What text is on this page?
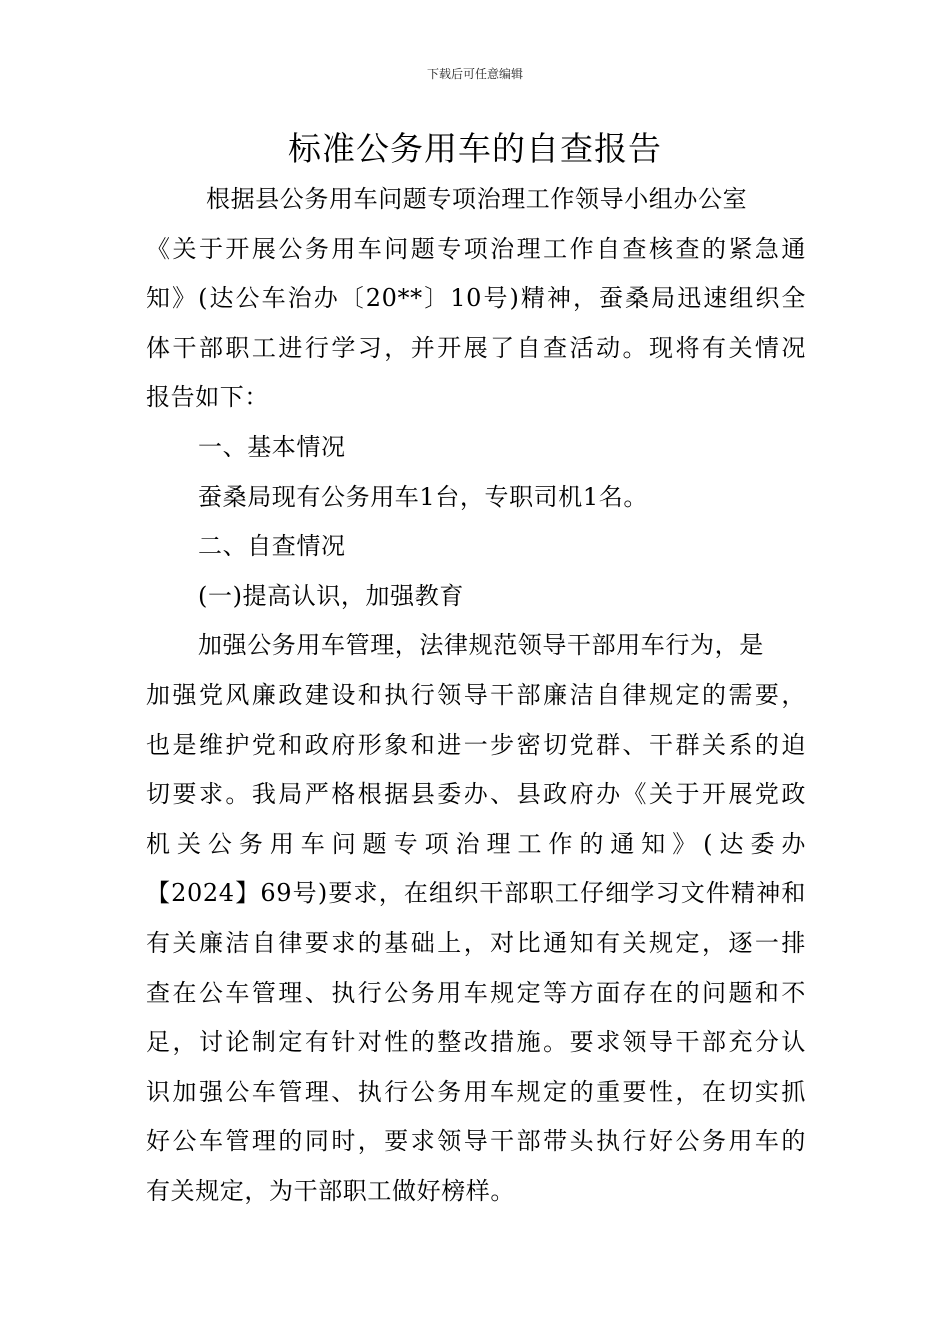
下载后可任意编辑
标准公务用车的自查报告
根据县公务用车问题专项治理工作领导小组办公室
《关于开展公务用车问题专项治理工作自查核查的紧急通
知》(达公车治办〔20**〕10号)精神，蚕桑局迅速组织全
体干部职工进行学习，并开展了自查活动。现将有关情况
报告如下：
一、基本情况
蚕桑局现有公务用车1台，专职司机1名。
二、自查情况
(一)提高认识，加强教育
加强公务用车管理，法律规范领导干部用车行为，是
加强党风廉政建设和执行领导干部廉洁自律规定的需要，
也是维护党和政府形象和进一步密切党群、干群关系的迫
切要求。我局严格根据县委办、县政府办《关于开展党政
机关公务用车问题专项治理工作的通知》(达委办
【2024】69号)要求，在组织干部职工仔细学习文件精神和
有关廉洁自律要求的基础上，对比通知有关规定，逐一排
查在公车管理、执行公务用车规定等方面存在的问题和不
足，讨论制定有针对性的整改措施。要求领导干部充分认
识加强公车管理、执行公务用车规定的重要性，在切实抓
好公车管理的同时，要求领导干部带头执行好公务用车的
有关规定，为干部职工做好榜样。
